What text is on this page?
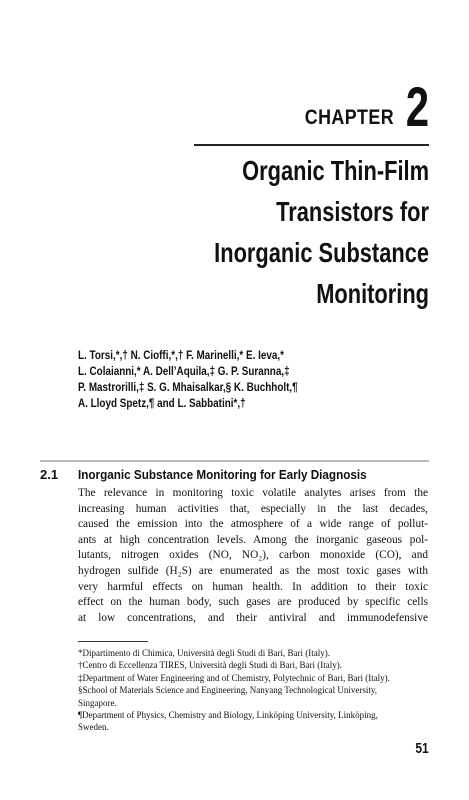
CHAPTER 2
Organic Thin-Film
Transistors for
Inorganic Substance
Monitoring
L. Torsi,*,† N. Cioffi,*,† F. Marinelli,* E. Ieva,*
L. Colaianni,* A. Dell’Aquila,‡ G. P. Suranna,‡
P. Mastrorilli,‡ S. G. Mhaisalkar,§ K. Buchholt,¶
A. Lloyd Spetz,¶ and L. Sabbatini*,†
2.1 Inorganic Substance Monitoring for Early Diagnosis
The relevance in monitoring toxic volatile analytes arises from the
increasing human activities that, especially in the last decades,
caused the emission into the atmosphere of a wide range of pollut-
ants at high concentration levels. Among the inorganic gaseous pol-
lutants, nitrogen oxides (NO, NO₂), carbon monoxide (CO), and
hydrogen sulfide (H₂S) are enumerated as the most toxic gases with
very harmful effects on human health. In addition to their toxic
effect on the human body, such gases are produced by specific cells
at low concentrations, and their antiviral and immunodefensive
*Dipartimento di Chimica, Università degli Studi di Bari, Bari (Italy).
†Centro di Eccellenza TIRES, Università degli Studi di Bari, Bari (Italy).
‡Department of Water Engineering and of Chemistry, Polytechnic of Bari, Bari (Italy).
§School of Materials Science and Engineering, Nanyang Technological University,
Singapore.
¶Department of Physics, Chemistry and Biology, Linköping University, Linköping,
Sweden.
51
